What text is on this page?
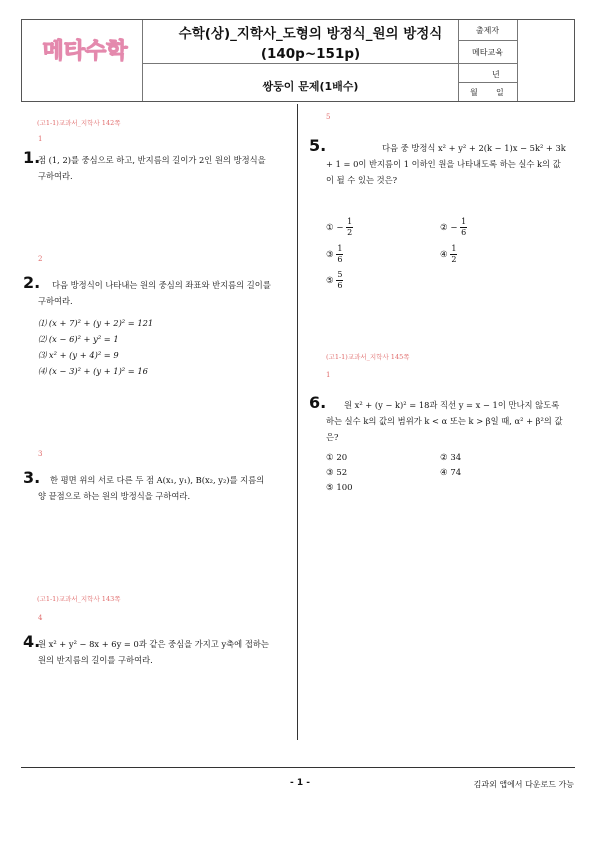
메타수학
수학(상)_지학사_도형의 방정식_원의 방정식
(140p~151p)
쌍둥이 문제(1배수)
출제자
메타교육
년
월 일
(고1-1)교과서_지학사 142쪽
1
1.
점 (1, 2)를 중심으로 하고, 반지름의 길이가 2인 원의 방정식을 구하여라.
2
2.	다음 방정식이 나타내는 원의 중심의 좌표와 반지름의 길이를 구하여라.
⑴ (x + 7)² + (y + 2)² = 121
⑵ (x − 6)² + y² = 1
⑶ x² + (y + 4)² = 9
⑷ (x − 3)² + (y + 1)² = 16
3
3.	한 평면 위의 서로 다른 두 점 A(x₁, y₁), B(x₂, y₂)를 지름의 양 끝점으로 하는 원의 방정식을 구하여라.
(고1-1)교과서_지학사 143쪽
4
4.
원 x² + y² − 8x + 6y = 0과 같은 중심을 가지고 y축에 접하는 원의 반지름의 길이를 구하여라.
5
5.	다음 중 방정식 x² + y² + 2(k − 1)x − 5k² + 3k + 1 = 0이 반지름이 1 이하인 원을 나타내도록 하는 실수 k의 값이 될 수 있는 것은?
① − $\frac{1}{2}$	② − $\frac{1}{6}$
③ $\frac{1}{6}$	④ $\frac{1}{2}$
⑤ $\frac{5}{6}$
(고1-1)교과서_지학사 145쪽
1
6.	원 x² + (y − k)² = 18과 직선 y = x − 1이 만나지 않도록 하는 실수 k의 값의 범위가 k < α 또는 k > β일 때, α² + β²의 값은?
① 20	② 34
③ 52	④ 74
⑤ 100
- 1 -	김과외 앱에서 다운로드 가능
